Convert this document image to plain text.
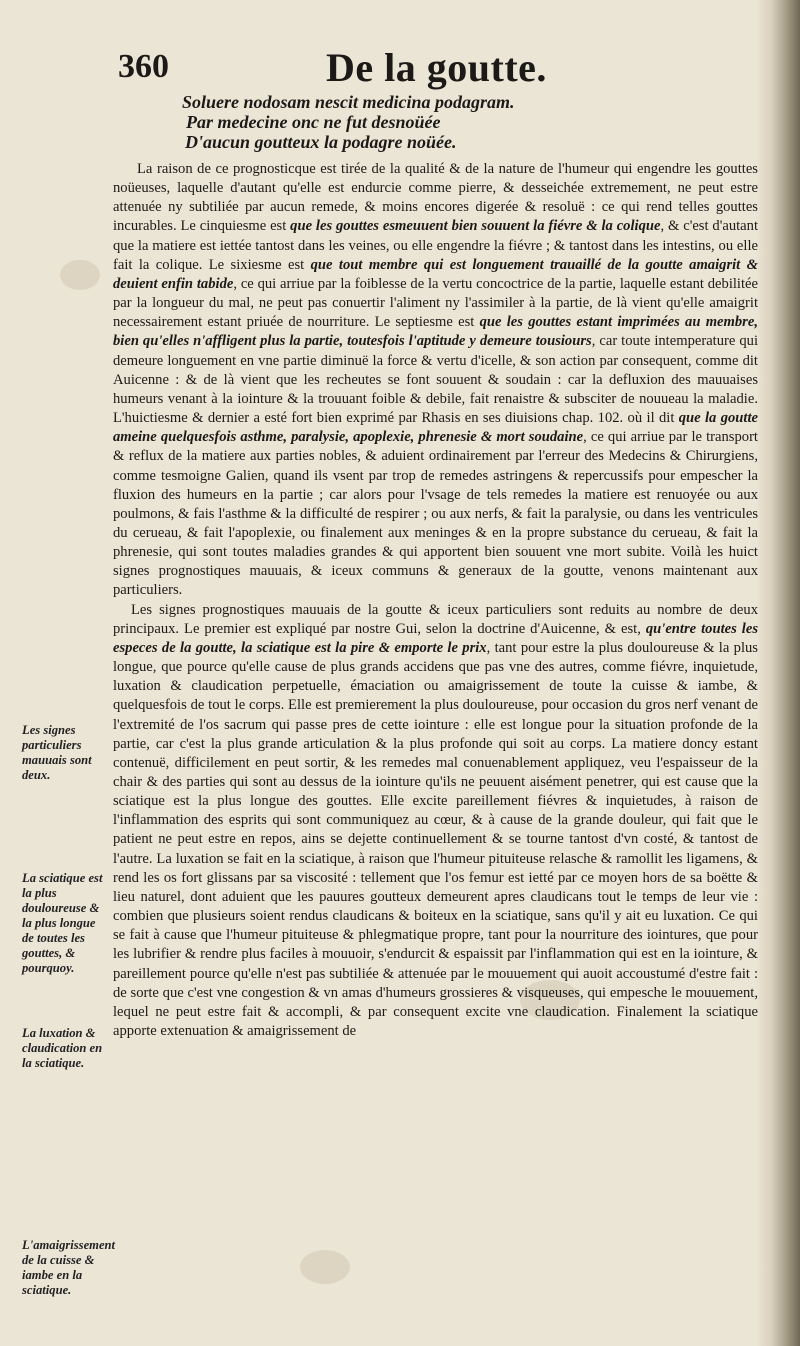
360	De la goutte.
Soluere nodosam nescit medicina podagram.
Par medecine onc ne fut desnoüée
D'aucun goutteux la podagre noüée.

La raison de ce prognosticque est tirée de la qualité & de la nature de l'humeur qui engendre les gouttes noüeuses, laquelle d'autant qu'elle est endurcie comme pierre, & desseichée extremement, ne peut estre attenuée ny subtiliée par aucun remede, & moins encores digerée & resoluë : ce qui rend telles gouttes incurables. Le cinquiesme est que les gouttes esmeuuent bien souuent la fiévre & la colique, & c'est d'autant que la matiere est iettée tantost dans les veines, ou elle engendre la fiévre ; & tantost dans les intestins, ou elle fait la colique. Le sixiesme est que tout membre qui est longuement trauaillé de la goutte amaigrit & deuient enfin tabide, ce qui arriue par la foiblesse de la vertu concoctrice de la partie, laquelle estant debilitée par la longueur du mal, ne peut pas conuertir l'aliment ny l'assimiler à la partie, de là vient qu'elle amaigrit necessairement estant priuée de nourriture. Le septiesme est que les gouttes estant imprimées au membre, bien qu'elles n'affligent plus la partie, toutesfois l'aptitude y demeure tousiours, car toute intemperature qui demeure longuement en vne partie diminuë la force & vertu d'icelle, & son action par consequent, comme dit Auicenne : & de là vient que les recheutes se font souuent & soudain : car la defluxion des mauuaises humeurs venant à la iointure & la trouuant foible & debile, fait renaistre & subsciter de nouueau la maladie. L'huictiesme & dernier a esté fort bien exprimé par Rhasis en ses diuisions chap. 102. où il dit que la goutte ameine quelquesfois asthme, paralysie, apoplexie, phrenesie & mort soudaine, ce qui arriue par le transport & reflux de la matiere aux parties nobles, & aduient ordinairement par l'erreur des Medecins & Chirurgiens, comme tesmoigne Galien, quand ils vsent par trop de remedes astringens & repercussifs pour empescher la fluxion des humeurs en la partie ; car alors pour l'vsage de tels remedes la matiere est renuoyée ou aux poulmons, & fais l'asthme & la difficulté de respirer ; ou aux nerfs, & fait la paralysie, ou dans les ventricules du cerueau, & fait l'apoplexie, ou finalement aux meninges & en la propre substance du cerueau, & fait la phrenesie, qui sont toutes maladies grandes & qui apportent bien souuent vne mort subite. Voilà les huict signes prognostiques mauuais, & iceux communs & generaux de la goutte, venons maintenant aux particuliers.

Les signes prognostiques mauuais de la goutte & iceux particuliers sont reduits au nombre de deux principaux. Le premier est expliqué par nostre Gui, selon la doctrine d'Auicenne, & est, qu'entre toutes les especes de la goutte, la sciatique est la pire & emporte le prix, tant pour estre la plus douloureuse & la plus longue, que pource qu'elle cause de plus grands accidens que pas vne des autres, comme fiévre, inquietude, luxation & claudication perpetuelle, émaciation ou amaigrissement de toute la cuisse & iambe, & quelquesfois de tout le corps. Elle est premierement la plus douloureuse, pour occasion du gros nerf venant de l'extremité de l'os sacrum qui passe pres de cette iointure : elle est longue pour la situation profonde de la partie, car c'est la plus grande articulation & la plus profonde qui soit au corps. La matiere doncy estant contenuë, difficilement en peut sortir, & les remedes mal conuenablement appliquez, veu l'espaisseur de la chair & des parties qui sont au dessus de la iointure qu'ils ne peuuent aisément penetrer, qui est cause que la sciatique est la plus longue des gouttes. Elle excite pareillement fiévres & inquietudes, à raison de l'inflammation des esprits qui sont communiquez au cœur, & à cause de la grande douleur, qui fait que le patient ne peut estre en repos, ains se dejette continuellement & se tourne tantost d'vn costé, & tantost de l'autre. La luxation se fait en la sciatique, à raison que l'humeur pituiteuse relasche & ramollit les ligamens, & rend les os fort glissans par sa viscosité : tellement que l'os femur est ietté par ce moyen hors de sa boëtte & lieu naturel, dont aduient que les pauures goutteux demeurent apres claudicans tout le temps de leur vie : combien que plusieurs soient rendus claudicans & boiteux en la sciatique, sans qu'il y ait eu luxation. Ce qui se fait à cause que l'humeur pituiteuse & phlegmatique propre, tant pour la nourriture des iointures, que pour les lubrifier & rendre plus faciles à mouuoir, s'endurcit & espaissit par l'inflammation qui est en la iointure, & pareillement pource qu'elle n'est pas subtiliée & attenuée par le mouuement qui auoit accoustumé d'estre fait : de sorte que c'est vne congestion & vn amas d'humeurs grossieres & visqueuses, qui empesche le mouuement, lequel ne peut estre fait & accompli, & par consequent excite vne claudication. Finalement la sciatique apporte extenuation & amaigrissement de

Les signes particuliers mauuais sont deux.
La sciatique est la plus douloureuse & la plus longue de toutes les gouttes, & pourquoy.
La luxation & claudication en la sciatique.
L'amaigrissement de la cuisse & iambe en la sciatique.
